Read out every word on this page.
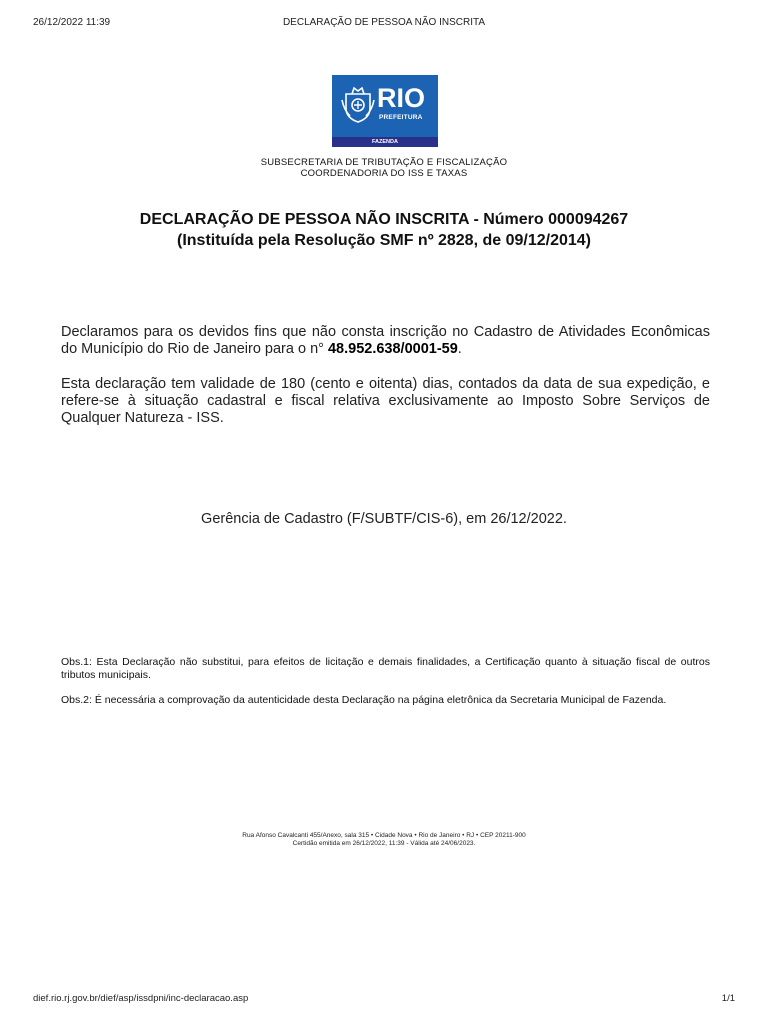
26/12/2022 11:39	DECLARAÇÃO DE PESSOA NÃO INSCRITA
RIO
PREFEITURA
FAZENDA
SUBSECRETARIA DE TRIBUTAÇÃO E FISCALIZAÇÃO
COORDENADORIA DO ISS E TAXAS
DECLARAÇÃO DE PESSOA NÃO INSCRITA - Número 000094267
(Instituída pela Resolução SMF nº 2828, de 09/12/2014)
Declaramos para os devidos fins que não consta inscrição no Cadastro de Atividades Econômicas do Município do Rio de Janeiro para o n° 48.952.638/0001-59.
Esta declaração tem validade de 180 (cento e oitenta) dias, contados da data de sua expedição, e refere-se à situação cadastral e fiscal relativa exclusivamente ao Imposto Sobre Serviços de Qualquer Natureza - ISS.
Gerência de Cadastro (F/SUBTF/CIS-6), em 26/12/2022.
Obs.1: Esta Declaração não substitui, para efeitos de licitação e demais finalidades, a Certificação quanto à situação fiscal de outros tributos municipais.
Obs.2: É necessária a comprovação da autenticidade desta Declaração na página eletrônica da Secretaria Municipal de Fazenda.
Rua Afonso Cavalcanti 455/Anexo, sala 315 • Cidade Nova • Rio de Janeiro • RJ • CEP 20211-900
Certidão emitida em 26/12/2022, 11:39 - Válida até 24/06/2023.
dief.rio.rj.gov.br/dief/asp/issdpni/inc-declaracao.asp	1/1
